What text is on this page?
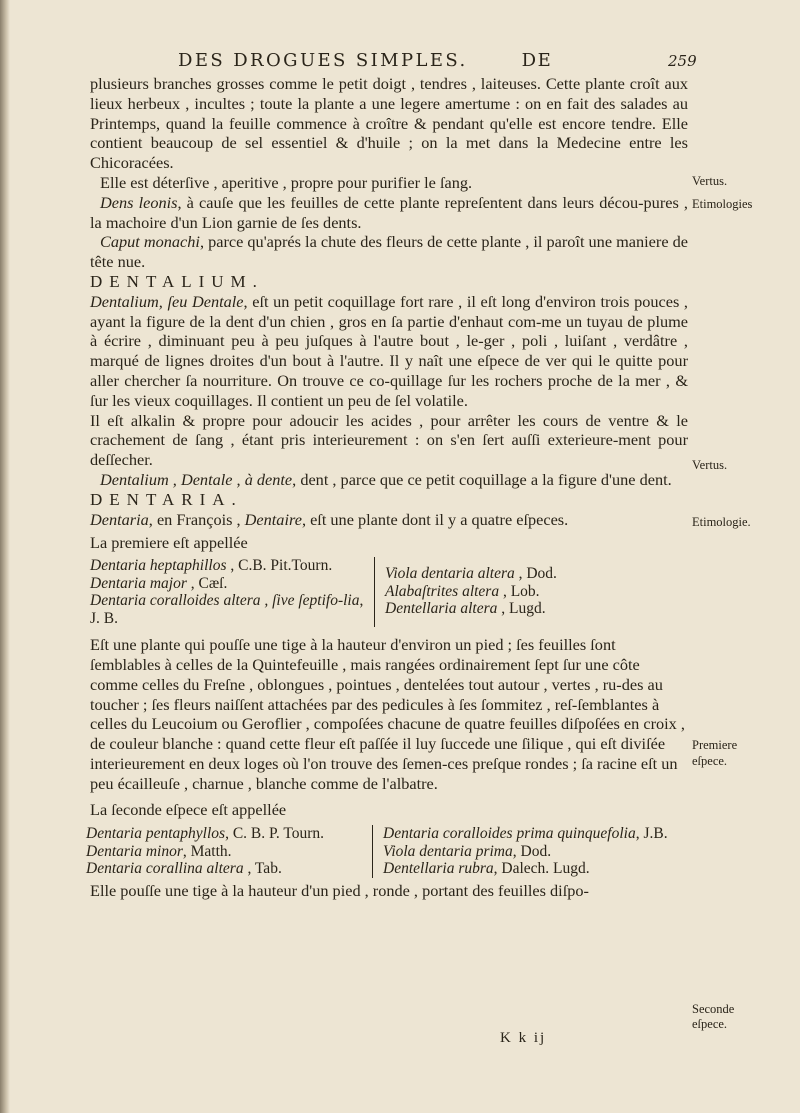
DES DROGUES SIMPLES.	DE	259

plusieurs branches grosses comme le petit doigt , tendres , laiteuses. Cette plante croît aux lieux herbeux , incultes ; toute la plante a une legere amertume : on en fait des salades au Printemps, quand la feuille commence à croître & pendant qu'elle est encore tendre. Elle contient beaucoup de sel essentiel & d'huile ; on la met dans la Medecine entre les Chicoracées.

Elle est déterſive , aperitive , propre pour purifier le ſang.

Dens leonis, à cauſe que les feuilles de cette plante repreſentent dans leurs décou-pures , la machoire d'un Lion garnie de ſes dents.

Caput monachi, parce qu'aprés la chute des fleurs de cette plante , il paroît une maniere de tête nue.

DENTALIUM.

Dentalium, ſeu Dentale, eſt un petit coquillage fort rare , il eſt long d'environ trois pouces , ayant la figure de la dent d'un chien , gros en ſa partie d'enhaut com-me un tuyau de plume à écrire , diminuant peu à peu juſques à l'autre bout , le-ger , poli , luiſant , verdâtre , marqué de lignes droites d'un bout à l'autre. Il y naît une eſpece de ver qui le quitte pour aller chercher ſa nourriture. On trouve ce co-quillage ſur les rochers proche de la mer , & ſur les vieux coquillages. Il contient un peu de ſel volatile.

Il eſt alkalin & propre pour adoucir les acides , pour arrêter les cours de ventre & le crachement de ſang , étant pris interieurement : on s'en ſert auſſi exterieure-ment pour deſſecher.

Dentalium , Dentale , à dente, dent , parce que ce petit coquillage a la figure d'une dent.

DENTARIA.

Dentaria, en François , Dentaire, eſt une plante dont il y a quatre eſpeces.

La premiere eſt appellée

Dentaria heptaphillos , C.B. Pit.Tourn.
Dentaria major , Cæſ.
Dentaria coralloides altera , ſive ſeptifo-lia, J. B.
Viola dentaria altera , Dod.
Alabaſtrites altera , Lob.
Dentellaria altera , Lugd.

Eſt une plante qui pouſſe une tige à la hauteur d'environ un pied ; ſes feuilles ſont ſemblables à celles de la Quintefeuille , mais rangées ordinairement ſept ſur une côte comme celles du Freſne , oblongues , pointues , dentelées tout autour , vertes , ru-des au toucher ; ſes fleurs naiſſent attachées par des pedicules à ſes ſommitez , reſ-ſemblantes à celles du Leucoium ou Geroflier , compoſées chacune de quatre feuilles diſpoſées en croix , de couleur blanche : quand cette fleur eſt paſſée il luy ſuccede une ſilique , qui eſt diviſée interieurement en deux loges où l'on trouve des ſemen-ces preſque rondes ; ſa racine eſt un peu écailleuſe , charnue , blanche comme de l'albatre.

La ſeconde eſpece eſt appellée

Dentaria pentaphyllos, C. B. P. Tourn.
Dentaria minor, Matth.
Dentaria corallina altera , Tab.
Dentaria coralloides prima quinquefolia, J.B.
Viola dentaria prima, Dod.
Dentellaria rubra, Dalech. Lugd.

Elle pouſſe une tige à la hauteur d'un pied , ronde , portant des feuilles diſpo-

Vertus.
Etimologies
Vertus.
Etimologie.
Premiere
eſpece.
Seconde
eſpece.
K k ij
